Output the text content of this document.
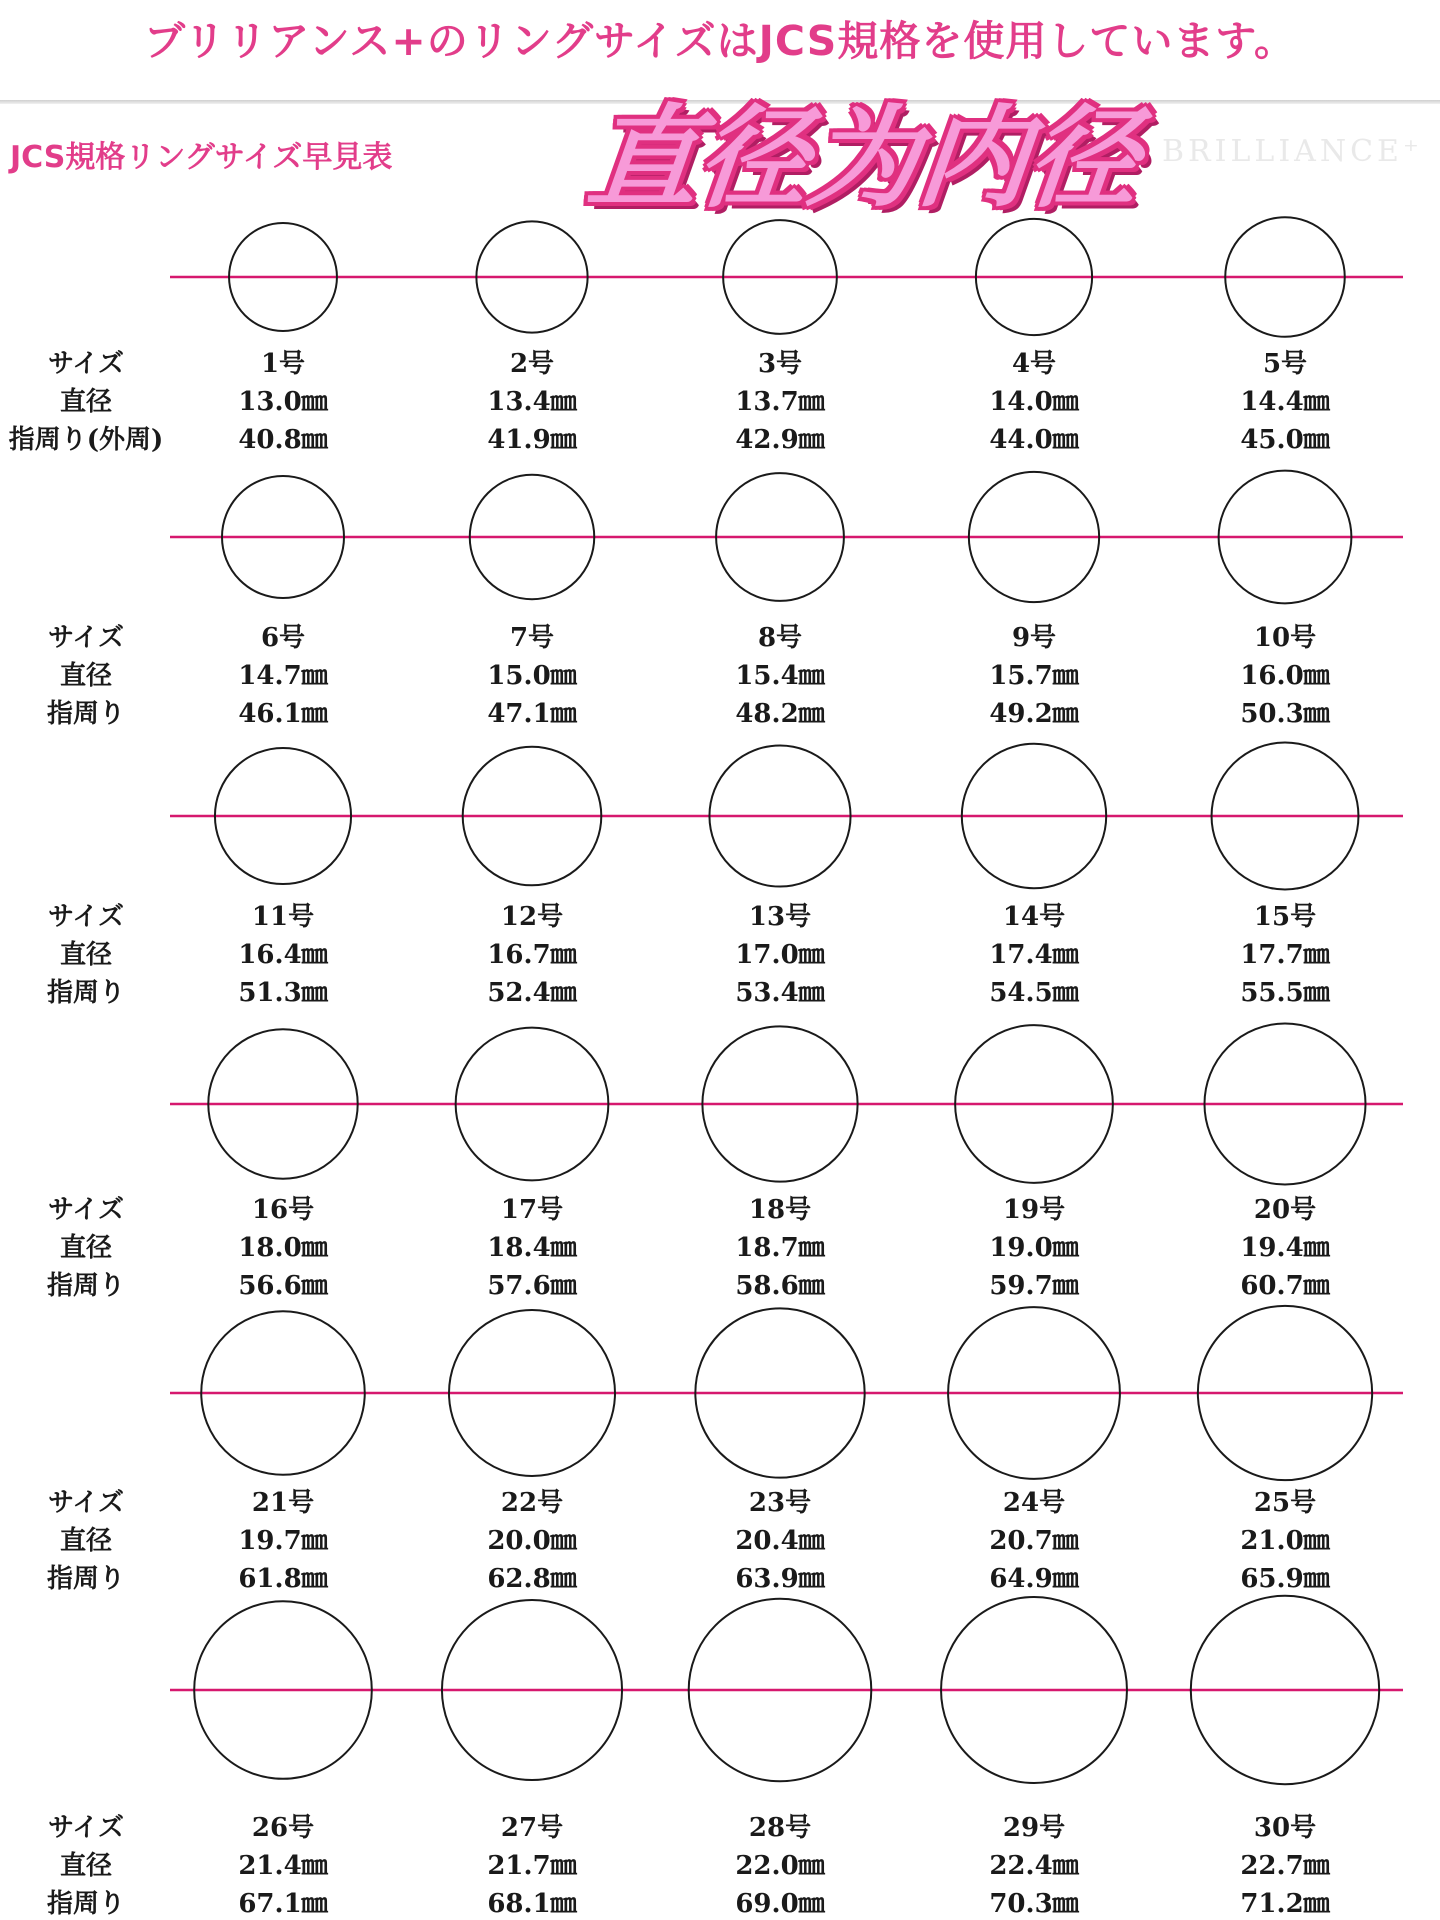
ブリリアンス+のリングサイズはJCS規格を使用しています。
JCS規格リングサイズ早見表	BRILLIANCE⁺
サイズ
直径
指周り(外周)
1号
13.0㎜
40.8㎜
2号
13.4㎜
41.9㎜
3号
13.7㎜
42.9㎜
4号
14.0㎜
44.0㎜
5号
14.4㎜
45.0㎜
サイズ
直径
指周り
6号
14.7㎜
46.1㎜
7号
15.0㎜
47.1㎜
8号
15.4㎜
48.2㎜
9号
15.7㎜
49.2㎜
10号
16.0㎜
50.3㎜
サイズ
直径
指周り
11号
16.4㎜
51.3㎜
12号
16.7㎜
52.4㎜
13号
17.0㎜
53.4㎜
14号
17.4㎜
54.5㎜
15号
17.7㎜
55.5㎜
サイズ
直径
指周り
16号
18.0㎜
56.6㎜
17号
18.4㎜
57.6㎜
18号
18.7㎜
58.6㎜
19号
19.0㎜
59.7㎜
20号
19.4㎜
60.7㎜
サイズ
直径
指周り
21号
19.7㎜
61.8㎜
22号
20.0㎜
62.8㎜
23号
20.4㎜
63.9㎜
24号
20.7㎜
64.9㎜
25号
21.0㎜
65.9㎜
サイズ
直径
指周り
26号
21.4㎜
67.1㎜
27号
21.7㎜
68.1㎜
28号
22.0㎜
69.0㎜
29号
22.4㎜
70.3㎜
30号
22.7㎜
71.2㎜
直径为内径
